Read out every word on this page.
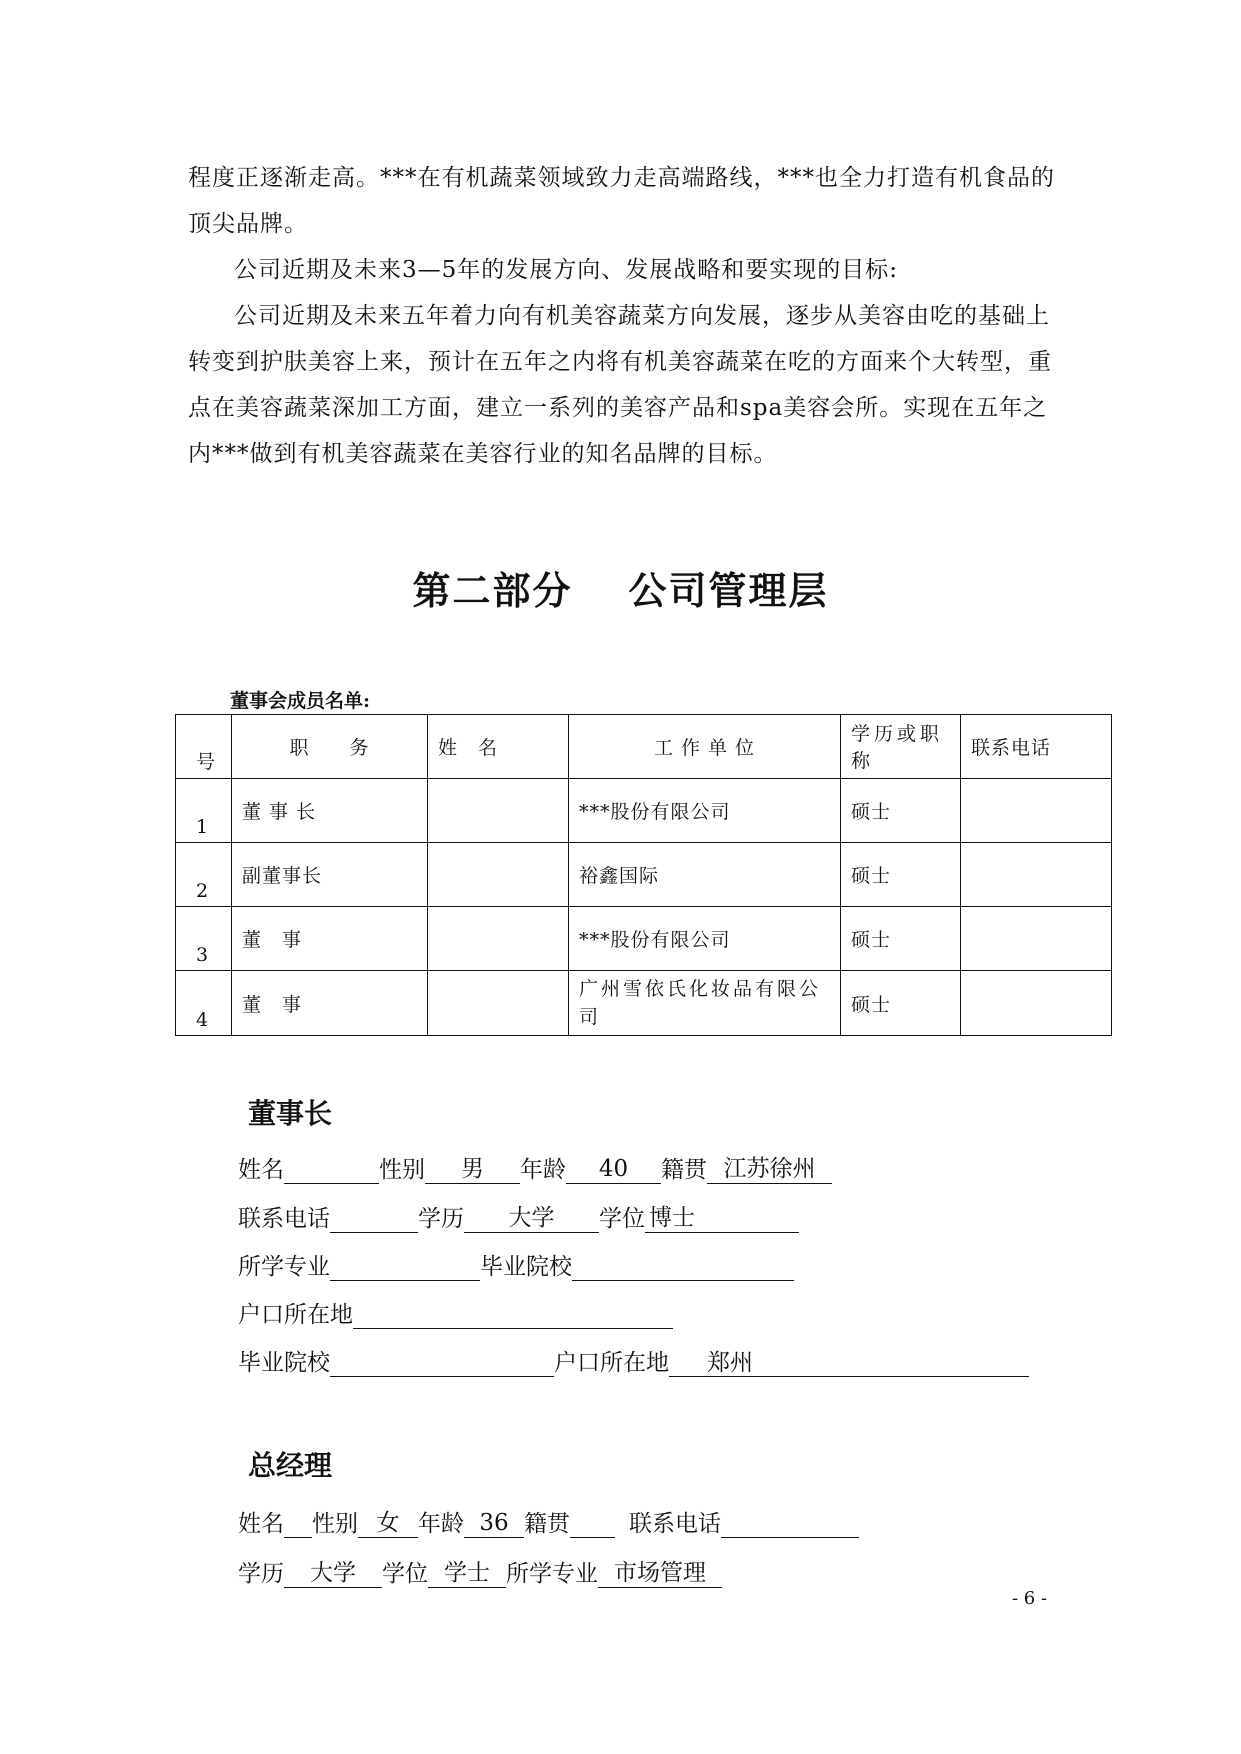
程度正逐渐走高。***在有机蔬菜领域致力走高端路线，***也全力打造有机食品的顶尖品牌。

公司近期及未来3—5年的发展方向、发展战略和要实现的目标:

公司近期及未来五年着力向有机美容蔬菜方向发展，逐步从美容由吃的基础上转变到护肤美容上来，预计在五年之内将有机美容蔬菜在吃的方面来个大转型，重点在美容蔬菜深加工方面，建立一系列的美容产品和spa美容会所。实现在五年之内***做到有机美容蔬菜在美容行业的知名品牌的目标。

第二部分 公司管理层
董事会成员名单:
号	职　　务	姓　名	工 作 单 位	学历或职称	联系电话
1	董 事 长		***股份有限公司	硕士	
2	副董事长		裕鑫国际	硕士	
3	董　事		***股份有限公司	硕士	
4	董　事		广州雪依氏化妆品有限公司	硕士	
董事长
姓名	性别 男 年龄 40 籍贯 江苏徐州
联系电话	学历 大学 学位 博士
所学专业	毕业院校
户口所在地
毕业院校	户口所在地 郑州
总经理
姓名 性别 女 年龄 36 籍贯	联系电话
学历 大学 学位 学士 所学专业 市场管理
- 6 -
